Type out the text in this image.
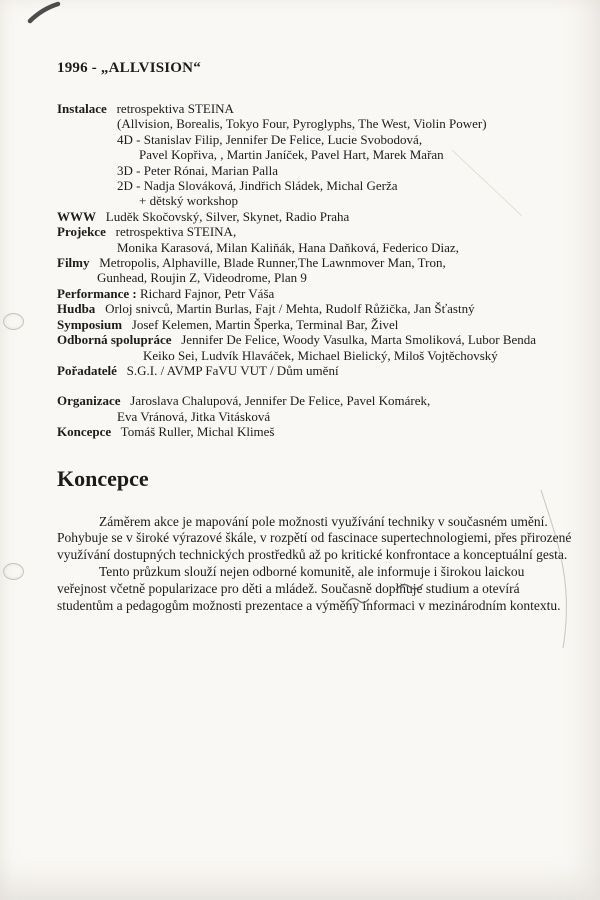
1996 - „ALLVISION“
Instalace   retrospektiva STEINA
(Allvision, Borealis, Tokyo Four, Pyroglyphs, The West, Violin Power)
4D - Stanislav Filip, Jennifer De Felice, Lucie Svobodová,
Pavel Kopřiva, , Martin Janíček, Pavel Hart, Marek Mařan
3D - Peter Rónai, Marian Palla
2D - Nadja Slováková, Jindřich Sládek, Michal Gerža
+ dětský workshop
WWW   Luděk Skočovský, Silver, Skynet, Radio Praha
Projekce   retrospektiva STEINA,
Monika Karasová, Milan Kaliňák, Hana Daňková, Federico Diaz,
Filmy   Metropolis, Alphaville, Blade Runner,The Lawnmover Man, Tron,
Gunhead, Roujin Z, Videodrome, Plan 9
Performance : Richard Fajnor, Petr Váša
Hudba   Orloj snivců, Martin Burlas, Fajt / Mehta, Rudolf Růžička, Jan Šťastný
Symposium   Josef Kelemen, Martin Šperka, Terminal Bar, Živel
Odborná spolupráce   Jennifer De Felice, Woody Vasulka, Marta Smoliková, Lubor Benda
Keiko Sei, Ludvík Hlaváček, Michael Bielický, Miloš Vojtěchovský
Pořadatelé   S.G.I. / AVMP FaVU VUT / Dům umění
Organizace   Jaroslava Chalupová, Jennifer De Felice, Pavel Komárek,
Eva Vránová, Jitka Vitásková
Koncepce   Tomáš Ruller, Michal Klimeš
Koncepce

Záměrem akce je mapování pole možnosti využívání techniky v současném umění. Pohybuje se v široké výrazové škále, v rozpětí od fascinace supertechnologiemi, přes přirozené využívání dostupných technických prostředků až po kritické konfrontace a konceptuální gesta.

Tento průzkum slouží nejen odborné komunitě, ale informuje i širokou laickou veřejnost včetně popularizace pro děti a mládež. Současně doplňuje studium a otevírá studentům a pedagogům možnosti prezentace a výměny informaci v mezinárodním kontextu.
